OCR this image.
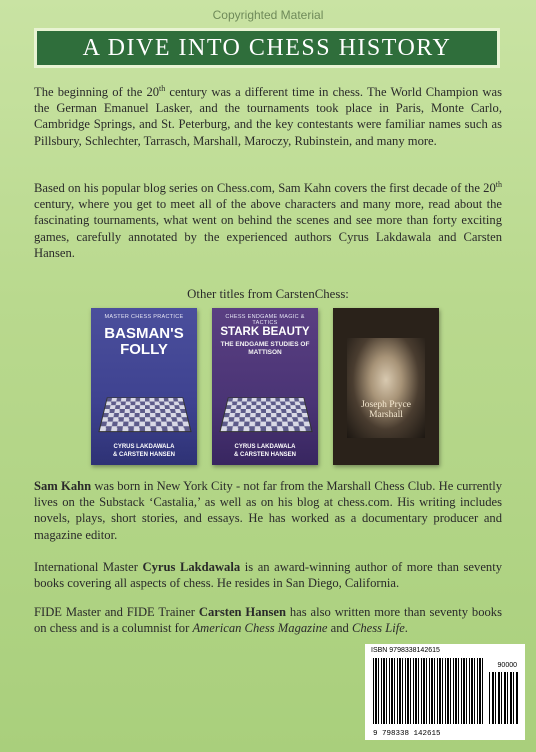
Copyrighted Material
A DIVE INTO CHESS HISTORY

The beginning of the 20th century was a different time in chess. The World Champion was the German Emanuel Lasker, and the tournaments took place in Paris, Monte Carlo, Cambridge Springs, and St. Peterburg, and the key contestants were familiar names such as Pillsbury, Schlechter, Tarrasch, Marshall, Maroczy, Rubinstein, and many more.

Based on his popular blog series on Chess.com, Sam Kahn covers the first decade of the 20th century, where you get to meet all of the above characters and many more, read about the fascinating tournaments, what went on behind the scenes and see more than forty exciting games, carefully annotated by the experienced authors Cyrus Lakdawala and Carsten Hansen.

Other titles from CarstenChess:
MASTER CHESS PRACTICE
BASMAN'S
FOLLY
CYRUS LAKDAWALA
& CARSTEN HANSEN
CHESS ENDGAME MAGIC & TACTICS
STARK BEAUTY
THE ENDGAME STUDIES OF MATTISON
CYRUS LAKDAWALA
& CARSTEN HANSEN
Joseph Pryce
Marshall

Sam Kahn was born in New York City - not far from the Marshall Chess Club. He currently lives on the Substack ‘Castalia,’ as well as on his blog at chess.com. His writing includes novels, plays, short stories, and essays. He has worked as a documentary producer and magazine editor.

International Master Cyrus Lakdawala is an award-winning author of more than seventy books covering all aspects of chess. He resides in San Diego, California.

FIDE Master and FIDE Trainer Carsten Hansen has also written more than seventy books on chess and is a columnist for American Chess Magazine and Chess Life.

ISBN 9798338142615
90000
9 798338 142615
